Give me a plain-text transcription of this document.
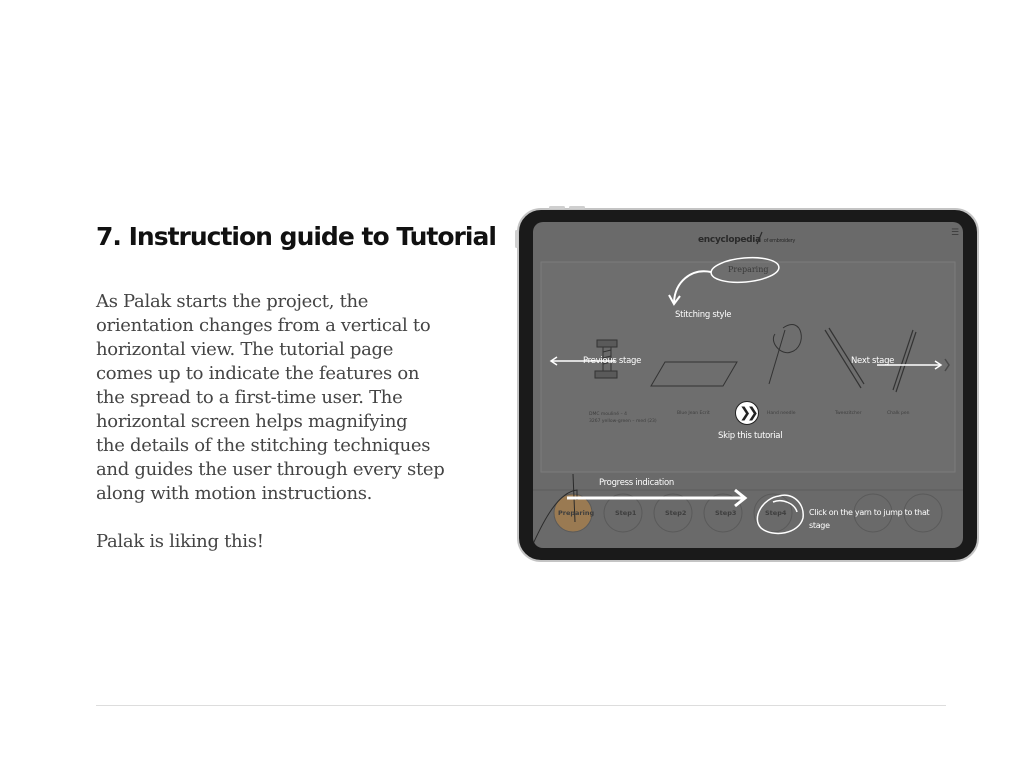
7. Instruction guide to Tutorial

As Palak starts the project, the
orientation changes from a vertical to
horizontal view. The tutorial page
comes up to indicate the features on
the spread to a first-time user. The
horizontal screen helps magnifying
the details of the stitching techniques
and guides the user through every step
along with motion instructions.

Palak is liking this!

encyclopedia of embroidery
☰
Preparing
Stitching style
Previous stage	Next stage
DMC mouliné – 4
3267 yellow-green – med (23)
Blue Jean Ecrit	Hand needle	Tweezitcher	Chalk pen
❯❯
Skip this tutorial
Progress indication
Preparing	Step1	Step2	Step3	Step4	Click on the yarn to jump to that
stage
